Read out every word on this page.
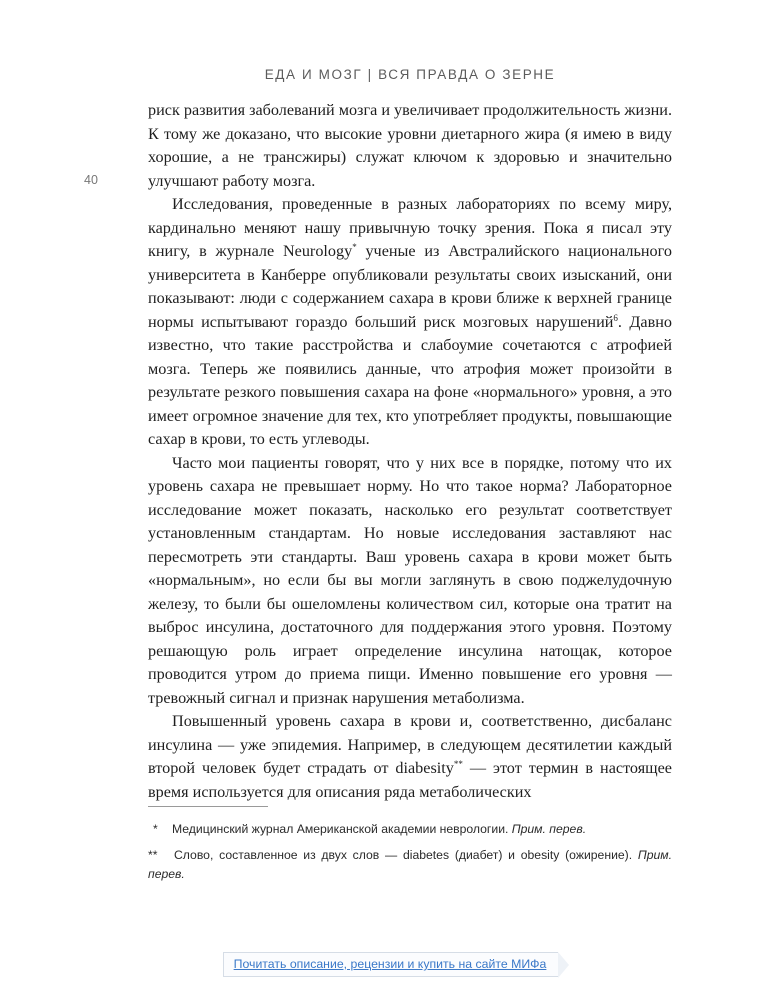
ЕДА И МОЗГ | ВСЯ ПРАВДА О ЗЕРНЕ
40

риск развития заболеваний мозга и увеличивает продолжительность жизни. К тому же доказано, что высокие уровни диетарного жира (я имею в виду хорошие, а не трансжиры) служат ключом к здоровью и значительно улучшают работу мозга.

Исследования, проведенные в разных лабораториях по всему миру, кардинально меняют нашу привычную точку зрения. Пока я писал эту книгу, в журнале Neurology* ученые из Австралийского национального университета в Канберре опубликовали результаты своих изысканий, они показывают: люди с содержанием сахара в крови ближе к верхней границе нормы испытывают гораздо больший риск мозговых нарушений$^6$. Давно известно, что такие расстройства и слабоумие сочетаются с атрофией мозга. Теперь же появились данные, что атрофия может произойти в результате резкого повышения сахара на фоне «нормального» уровня, а это имеет огромное значение для тех, кто употребляет продукты, повышающие сахар в крови, то есть углеводы.

Часто мои пациенты говорят, что у них все в порядке, потому что их уровень сахара не превышает норму. Но что такое норма? Лабораторное исследование может показать, насколько его результат соответствует установленным стандартам. Но новые исследования заставляют нас пересмотреть эти стандарты. Ваш уровень сахара в крови может быть «нормальным», но если бы вы могли заглянуть в свою поджелудочную железу, то были бы ошеломлены количеством сил, которые она тратит на выброс инсулина, достаточного для поддержания этого уровня. Поэтому решающую роль играет определение инсулина натощак, которое проводится утром до приема пищи. Именно повышение его уровня — тревожный сигнал и признак нарушения метаболизма.

Повышенный уровень сахара в крови и, соответственно, дисбаланс инсулина — уже эпидемия. Например, в следующем десятилетии каждый второй человек будет страдать от diabesity** — этот термин в настоящее время используется для описания ряда метаболических

* Медицинский журнал Американской академии неврологии. Прим. перев.

** Слово, составленное из двух слов — diabetes (диабет) и obesity (ожирение). Прим. перев.

Почитать описание, рецензии и купить на сайте МИФа
